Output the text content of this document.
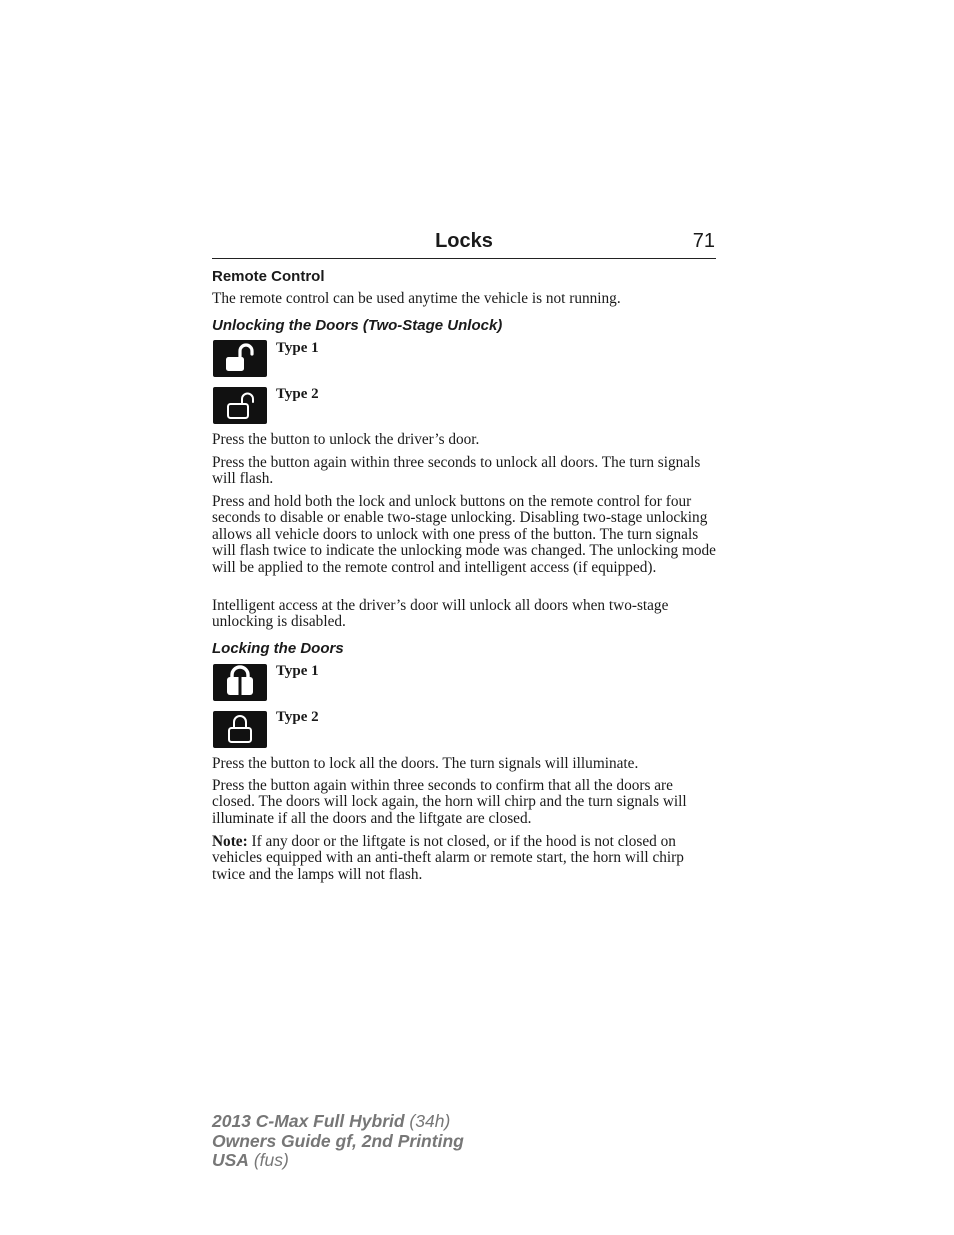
Locks	71
Remote Control

The remote control can be used anytime the vehicle is not running.

Unlocking the Doors (Two-Stage Unlock)
Type 1
Type 2

Press the button to unlock the driver’s door.

Press the button again within three seconds to unlock all doors. The turn signals will flash.

Press and hold both the lock and unlock buttons on the remote control for four seconds to disable or enable two-stage unlocking. Disabling two-stage unlocking allows all vehicle doors to unlock with one press of the button. The turn signals will flash twice to indicate the unlocking mode was changed. The unlocking mode will be applied to the remote control and intelligent access (if equipped).

Intelligent access at the driver’s door will unlock all doors when two-stage unlocking is disabled.

Locking the Doors
Type 1
Type 2

Press the button to lock all the doors. The turn signals will illuminate.

Press the button again within three seconds to confirm that all the doors are closed. The doors will lock again, the horn will chirp and the turn signals will illuminate if all the doors and the liftgate are closed.

Note: If any door or the liftgate is not closed, or if the hood is not closed on vehicles equipped with an anti-theft alarm or remote start, the horn will chirp twice and the lamps will not flash.

2013 C-Max Full Hybrid (34h)
Owners Guide gf, 2nd Printing
USA (fus)
